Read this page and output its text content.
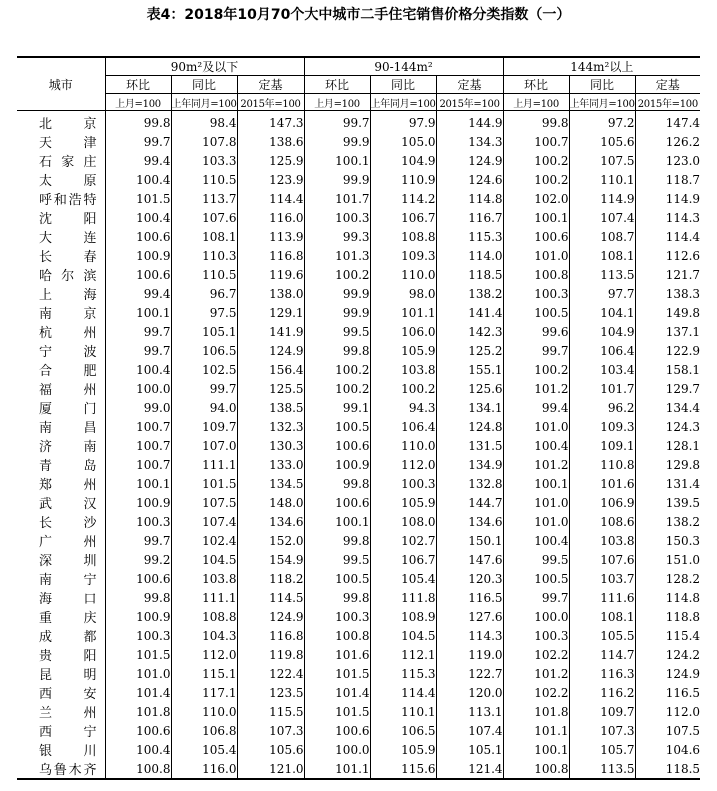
表4：2018年10月70个大中城市二手住宅销售价格分类指数（一）
城市	90m²及以下			90-144m²			144m²以上		
	环比	同比	定基	环比	同比	定基	环比	同比	定基
	上月=100	上年同月=100	2015年=100	上月=100	上年同月=100	2015年=100	上月=100	上年同月=100	2015年=100
北京	99.8	98.4	147.3	99.7	97.9	144.9	99.8	97.2	147.4
天津	99.7	107.8	138.6	99.9	105.0	134.3	100.7	105.6	126.2
石家庄	99.4	103.3	125.9	100.1	104.9	124.9	100.2	107.5	123.0
太原	100.4	110.5	123.9	99.9	110.9	124.6	100.2	110.1	118.7
呼和浩特	101.5	113.7	114.4	101.7	114.2	114.8	102.0	114.9	114.9
沈阳	100.4	107.6	116.0	100.3	106.7	116.7	100.1	107.4	114.3
大连	100.6	108.1	113.9	99.3	108.8	115.3	100.6	108.7	114.4
长春	100.9	110.3	116.8	101.3	109.3	114.0	101.0	108.1	112.6
哈尔滨	100.6	110.5	119.6	100.2	110.0	118.5	100.8	113.5	121.7
上海	99.4	96.7	138.0	99.9	98.0	138.2	100.3	97.7	138.3
南京	100.1	97.5	129.1	99.9	101.1	141.4	100.5	104.1	149.8
杭州	99.7	105.1	141.9	99.5	106.0	142.3	99.6	104.9	137.1
宁波	99.7	106.5	124.9	99.8	105.9	125.2	99.7	106.4	122.9
合肥	100.4	102.5	156.4	100.2	103.8	155.1	100.2	103.4	158.1
福州	100.0	99.7	125.5	100.2	100.2	125.6	101.2	101.7	129.7
厦门	99.0	94.0	138.5	99.1	94.3	134.1	99.4	96.2	134.4
南昌	100.7	109.7	132.3	100.5	106.4	124.8	101.0	109.3	124.3
济南	100.7	107.0	130.3	100.6	110.0	131.5	100.4	109.1	128.1
青岛	100.7	111.1	133.0	100.9	112.0	134.9	101.2	110.8	129.8
郑州	100.1	101.5	134.5	99.8	100.3	132.8	100.1	101.6	131.4
武汉	100.9	107.5	148.0	100.6	105.9	144.7	101.0	106.9	139.5
长沙	100.3	107.4	134.6	100.1	108.0	134.6	101.0	108.6	138.2
广州	99.7	102.4	152.0	99.8	102.7	150.1	100.4	103.8	150.3
深圳	99.2	104.5	154.9	99.5	106.7	147.6	99.5	107.6	151.0
南宁	100.6	103.8	118.2	100.5	105.4	120.3	100.5	103.7	128.2
海口	99.8	111.1	114.5	99.8	111.8	116.5	99.7	111.6	114.8
重庆	100.9	108.8	124.9	100.3	108.9	127.6	100.0	108.1	118.8
成都	100.3	104.3	116.8	100.8	104.5	114.3	100.3	105.5	115.4
贵阳	101.5	112.0	119.8	101.6	112.1	119.0	102.2	114.7	124.2
昆明	101.0	115.1	122.4	101.5	115.3	122.7	101.2	116.3	124.9
西安	101.4	117.1	123.5	101.4	114.4	120.0	102.2	116.2	116.5
兰州	101.8	110.0	115.5	101.5	110.1	113.1	101.8	109.7	112.0
西宁	100.6	106.8	107.3	100.6	106.5	107.4	101.1	107.3	107.5
银川	100.4	105.4	105.6	100.0	105.9	105.1	100.1	105.7	104.6
乌鲁木齐	100.8	116.0	121.0	101.1	115.6	121.4	100.8	113.5	118.5
